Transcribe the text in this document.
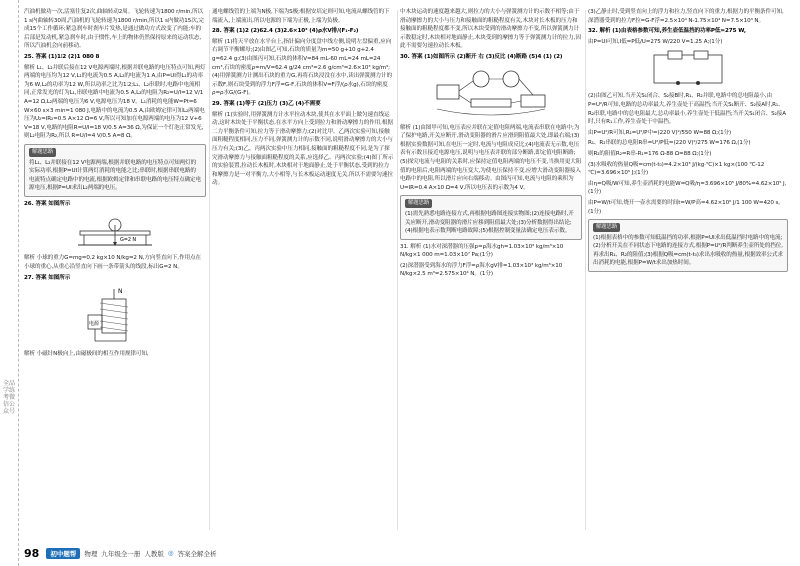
全品学练考微信公众号

汽油机做功一次,活塞往复2次,曲轴转动2周。飞轮转速为1800 r/min,所以1 s内曲轴转30周,汽油机的飞轮转速为1800 r/min,所以1 s内做功15次,完成15个工作循环;紧急刹车时刹车片发热,是通过做功方式改变了内能;车的后部是发动机,紧急刹车时,由于惯性,车上的物体仍然保持原来的运动状态,所以汽油机会向前移动。

25. 答案 (1)1∶2 (2)1 080 8

解析 L₁、L₂并联后接在12 V电源两端时,根据并联电路的电压特点可知,两灯两端的电压均为12 V,L₁的电流为0.5 A,L₂的电流为1 A,由P=UI得L₁的功率为6 W,L₂的功率为12 W,所以功率之比为1∶2;L₁、L₂串联时,电路中电流相同,正常发光的灯为L₁,串联电路中电流为0.5 A,L₂的电阻为R₂=U/I=12 V/1 A=12 Ω,L₂两端的电压为6 V,电源电压为18 V。L₁消耗的电能W=Pt=6 W×60 s×3 min=1 080 J,电路中的电流为0.5 A,由欧姆定律可知L₂两端电压为U₂=IR₂=0.5 A×12 Ω=6 V,所以可知加在电源两端的电压为12 V+6 V=18 V,电路的电阻R=U/I=18 V/0.5 A=36 Ω,为保证一个灯泡正常发光,则L₂电阻为R₂,所以 R=U/I=4 V/0.5 A=8 Ω。

解题思路
将L₁、L₂并联接在12 V电源两端,根据并联电路的电压特点可知两灯的实际功率,根据P=UI计算两灯消耗的电能之比;串联时,根据串联电路的电流特点确定电路中的电流,根据欧姆定律和串联电路的电压特点确定电源电压,根据P=UI求出L₂两端的电压。

26. 答案 如图所示

G=2 N

解析 小球的重力G=mg=0.2 kg×10 N/kg=2 N,方向竖直向下,作用点在小球的重心,从重心沿竖直向下画一条带箭头的线段,标出G=2 N。

27. 答案 如图所示

N
电源

解析 小磁针N极向上,由磁极间的相互作用规律可知,

通电螺线管的上端为N极,下端为S极;根据安培定则可知,电流从螺线管的下端流入,上端流出,所以电源的下端为正极,上端为负极。

28. 答案 (1)2 (2)62.4 (3)2.6×10³ (4)ρ水V排/(F₁-F₂)

解析 (1)将天平放在水平台上,指针偏向分度盘中线左侧,说明左盘偏重,应向右调节平衡螺母;(2)由图乙可知,石块的质量为m=50 g+10 g+2.4 g=62.4 g;(3)由图丙可知,石块的体积V=84 mL-60 mL=24 mL=24 cm³,石块的密度ρ=m/V=62.4 g/24 cm³=2.6 g/cm³=2.6×10³ kg/m³;(4)用弹簧测力计测出石块的重力G,再将石块浸没在水中,读出弹簧测力计的示数F,则石块受到的浮力F浮=G-F,石块的体积V=F浮/(ρ水g),石块的密度ρ=ρ水G/(G-F)。

29. 答案 (1)等于 (2)压力 (3)乙 (4)不需要

解析 (1)实验时,用弹簧测力计水平拉动木块,使其在水平面上做匀速直线运动,这时木块处于平衡状态,在水平方向上受到拉力和滑动摩擦力的作用,根据二力平衡条件可知,拉力等于滑动摩擦力;(2)对比甲、乙两次实验可知,接触面粗糙程度相同,压力不同,弹簧测力计的示数不同,说明滑动摩擦力的大小与压力有关;(3)乙、丙两次实验中压力相同,接触面的粗糙程度不同,是为了探究滑动摩擦力与接触面粗糙程度的关系,应选择乙、丙两次实验;(4)图丁所示的实验装置,拉动长木板时,木块相对于地面静止,处于平衡状态,受到的拉力和摩擦力是一对平衡力,大小相等,与长木板运动速度无关,所以不需要匀速拉动。

中木块运动的速度越来越大,则拉力的大小与弹簧测力计的示数不相等;由于滑动摩擦力的大小与压力和接触面的粗糙程度有关,木块对长木板的压力和接触面的粗糙程度都不变,所以木块受到的滑动摩擦力不变,所以弹簧测力计示数稳定时,木块相对地面静止,木块受到的摩擦力等于弹簧测力计的拉力,因此不需要匀速拉动长木板。

30. 答案 (1)如图所示 (2)断开 右 (3)反比 (4)断路 (5)4 (1) (2)

解析 (1)由图甲可知,电压表应并联在定值电阻两端,电流表串联在电路中;为了保护电路,开关应断开,滑动变阻器的滑片应滑到阻值最大处,即最右端;(3)根据实验数据可知,在电压一定时,电流与电阻成反比;(4)电流表无示数,电压表有示数且接近电源电压,说明与电压表并联的部分断路,即定值电阻断路;(5)探究电流与电阻的关系时,应保持定值电阻两端的电压不变,当换用更大阻值的电阻后,电阻两端的电压变大,为使电压保持不变,应增大滑动变阻器接入电路中的电阻,所以滑片应向右端移动。由图丙可知,电流与电阻的乘积为U=IR=0.4 A×10 Ω=4 V,所以电压表的示数为4 V。

解题思路
(1)需先熟悉电路连接方式,再根据电路图连接实物图;(2)连接电路时,开关应断开,滑动变阻器的滑片应移到阻值最大处;(3)分析数据得出结论;(4)根据电表示数判断电路故障;(5)根据控制变量法确定电压表示数。

31. 解析 (1)水对深潜器的压强p=ρ海水gh=1.03×10³ kg/m³×10 N/kg×1 000 m=1.03×10⁷ Pa;(1分)

(2)深潜器受到海水的浮力F浮=ρ海水gV排=1.03×10³ kg/m³×10 N/kg×2.5 m³=2.575×10⁴ N。(1分)

(3)乙静止时,受到竖直向上的浮力和拉力,竖直向下的重力,根据力的平衡条件可知,深潜器受到的拉力F拉=G-F浮=2.5×10⁴ N-1.75×10⁴ N=7.5×10³ N。

32. 解析 (1)由表格参数可知,养生壶低温挡的功率P低=275 W,

由P=UI可知,I低=P低/U=275 W/220 V=1.25 A;(1分)

(2)由图乙可知,当开关S₁闭合、S₂接B时,R₁、R₂并联,电路中的总电阻最小,由P=U²/R可知,电路的总功率最大,养生壶处于高温挡;当开关S₁断开、S₂接A时,R₁、R₂串联,电路中的总电阻最大,总功率最小,养生壶处于低温挡;当开关S₁闭合、S₂接A时,只有R₁工作,养生壶处于中温挡。

由P=U²/R可知,R₁=U²/P中=(220 V)²/550 W=88 Ω;(1分)

R₁、R₂串联的总电阻R串=U²/P低=(220 V)²/275 W=176 Ω,(1分)

则R₂的阻值R₂=R串-R₁=176 Ω-88 Ω=88 Ω;(1分)

(3)水吸收的热量Q吸=cm(t-t₀)=4.2×10³ J/(kg·℃)×1 kg×(100 ℃-12 ℃)=3.696×10⁵ J;(1分)

由η=Q吸/W可知,养生壶消耗的电能W=Q吸/η=3.696×10⁵ J/80%=4.62×10⁵ J,(1分)

由P=W/t可知,烧开一壶水需要的时间t=W/P高=4.62×10⁵ J/1 100 W=420 s。(1分)

解题思路
(1)根据表格中的参数可知低温挡的功率,根据P=UI求出低温挡时电路中的电流;(2)分析开关在不同状态下电路的连接方式,根据P=U²/R判断养生壶所处的挡位,再求出R₁、R₂的阻值;(3)根据Q吸=cm(t-t₀)求出水吸收的热量,根据效率公式求出消耗的电能,根据P=W/t求出加热时间。
98	初中题帮	物理 九年级全一册 人教版 ◎ 答案全解全析
